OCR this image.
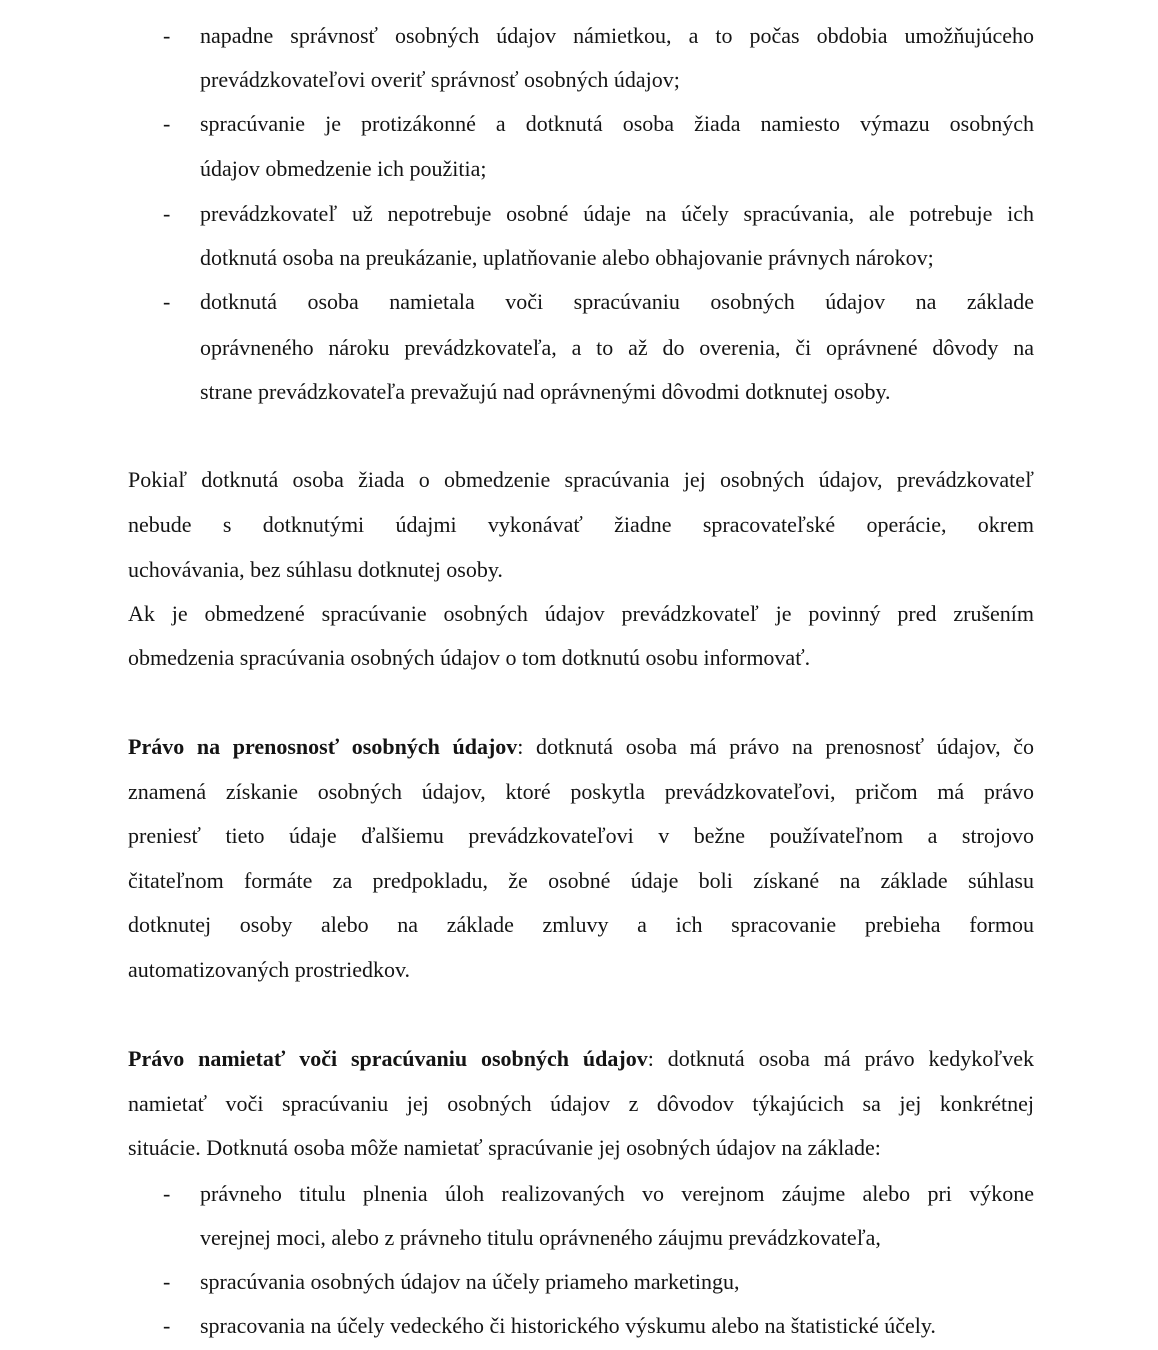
- napadne správnosť osobných údajov námietkou, a to počas obdobia umožňujúceho
prevádzkovateľovi overiť správnosť osobných údajov;
- spracúvanie je protizákonné a dotknutá osoba žiada namiesto výmazu osobných
údajov obmedzenie ich použitia;
- prevádzkovateľ už nepotrebuje osobné údaje na účely spracúvania, ale potrebuje ich
dotknutá osoba na preukázanie, uplatňovanie alebo obhajovanie právnych nárokov;
- dotknutá osoba namietala voči spracúvaniu osobných údajov na základe
oprávneného nároku prevádzkovateľa, a to až do overenia, či oprávnené dôvody na
strane prevádzkovateľa prevažujú nad oprávnenými dôvodmi dotknutej osoby.
Pokiaľ dotknutá osoba žiada o obmedzenie spracúvania jej osobných údajov, prevádzkovateľ
nebude s dotknutými údajmi vykonávať žiadne spracovateľské operácie, okrem
uchovávania, bez súhlasu dotknutej osoby.
Ak je obmedzené spracúvanie osobných údajov prevádzkovateľ je povinný pred zrušením
obmedzenia spracúvania osobných údajov o tom dotknutú osobu informovať.
Právo na prenosnosť osobných údajov: dotknutá osoba má právo na prenosnosť údajov, čo
znamená získanie osobných údajov, ktoré poskytla prevádzkovateľovi, pričom má právo
preniesť tieto údaje ďalšiemu prevádzkovateľovi v bežne používateľnom a strojovo
čitateľnom formáte za predpokladu, že osobné údaje boli získané na základe súhlasu
dotknutej osoby alebo na základe zmluvy a ich spracovanie prebieha formou
automatizovaných prostriedkov.
Právo namietať voči spracúvaniu osobných údajov: dotknutá osoba má právo kedykoľvek
namietať voči spracúvaniu jej osobných údajov z dôvodov týkajúcich sa jej konkrétnej
situácie. Dotknutá osoba môže namietať spracúvanie jej osobných údajov na základe:
- právneho titulu plnenia úloh realizovaných vo verejnom záujme alebo pri výkone
verejnej moci, alebo z právneho titulu oprávneného záujmu prevádzkovateľa,
- spracúvania osobných údajov na účely priameho marketingu,
- spracovania na účely vedeckého či historického výskumu alebo na štatistické účely.
